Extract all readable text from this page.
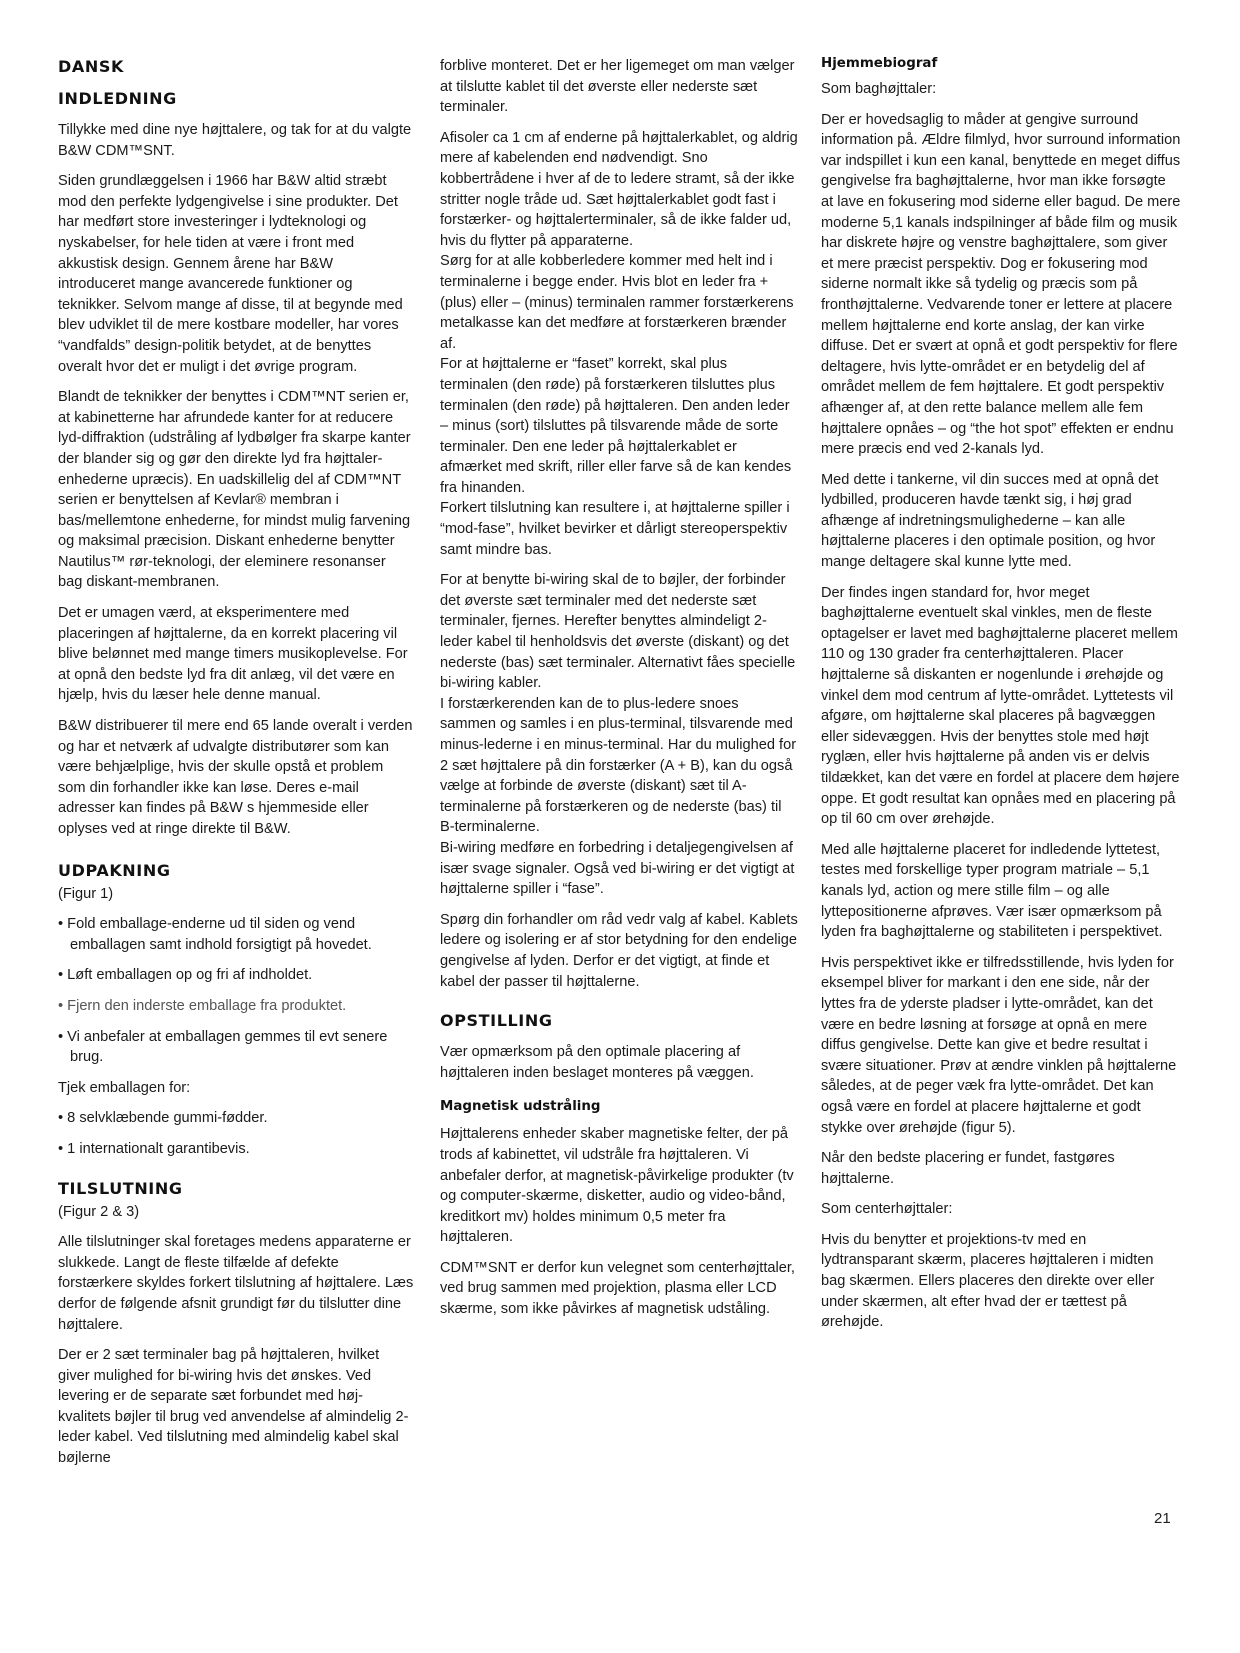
DANSK
INDLEDNING

Tillykke med dine nye højttalere, og tak for at du valgte B&W CDM™SNT.

Siden grundlæggelsen i 1966 har B&W altid stræbt mod den perfekte lydgengivelse i sine produkter. Det har medført store investeringer i lydteknologi og nyskabelser, for hele tiden at være i front med akkustisk design. Gennem årene har B&W introduceret mange avancerede funktioner og teknikker. Selvom mange af disse, til at begynde med blev udviklet til de mere kostbare modeller, har vores “vandfalds” design-politik betydet, at de benyttes overalt hvor det er muligt i det øvrige program.

Blandt de teknikker der benyttes i CDM™NT serien er, at kabinetterne har afrundede kanter for at reducere lyd-diffraktion (udstråling af lydbølger fra skarpe kanter der blander sig og gør den direkte lyd fra højttaler-enhederne upræcis). En uadskillelig del af CDM™NT serien er benyttelsen af Kevlar® membran i bas/mellemtone enhederne, for mindst mulig farvening og maksimal præcision. Diskant enhederne benytter Nautilus™ rør-teknologi, der eleminere resonanser bag diskant-membranen.

Det er umagen værd, at eksperimentere med placeringen af højttalerne, da en korrekt placering vil blive belønnet med mange timers musikoplevelse. For at opnå den bedste lyd fra dit anlæg, vil det være en hjælp, hvis du læser hele denne manual.

B&W distribuerer til mere end 65 lande overalt i verden og har et netværk af udvalgte distributører som kan være behjælplige, hvis der skulle opstå et problem som din forhandler ikke kan løse. Deres e-mail adresser kan findes på B&W s hjemmeside eller oplyses ved at ringe direkte til B&W.

UDPAKNING

(Figur 1)

• Fold emballage-enderne ud til siden og vend emballagen samt indhold forsigtigt på hovedet.

• Løft emballagen op og fri af indholdet.

• Fjern den inderste emballage fra produktet.

• Vi anbefaler at emballagen gemmes til evt senere brug.

Tjek emballagen for:

• 8 selvklæbende gummi-fødder.

• 1 internationalt garantibevis.

TILSLUTNING

(Figur 2 & 3)

Alle tilslutninger skal foretages medens apparaterne er slukkede. Langt de fleste tilfælde af defekte forstærkere skyldes forkert tilslutning af højttalere. Læs derfor de følgende afsnit grundigt før du tilslutter dine højttalere.

Der er 2 sæt terminaler bag på højttaleren, hvilket giver mulighed for bi-wiring hvis det ønskes. Ved levering er de separate sæt forbundet med høj-kvalitets bøjler til brug ved anvendelse af almindelig 2-leder kabel. Ved tilslutning med almindelig kabel skal bøjlerne

forblive monteret. Det er her ligemeget om man vælger at tilslutte kablet til det øverste eller nederste sæt terminaler.

Afisoler ca 1 cm af enderne på højttalerkablet, og aldrig mere af kabelenden end nødvendigt. Sno kobbertrådene i hver af de to ledere stramt, så der ikke stritter nogle tråde ud. Sæt højttalerkablet godt fast i forstærker- og højttalerterminaler, så de ikke falder ud, hvis du flytter på apparaterne.
Sørg for at alle kobberledere kommer med helt ind i terminalerne i begge ender. Hvis blot en leder fra + (plus) eller – (minus) terminalen rammer forstærkerens metalkasse kan det medføre at forstærkeren brænder af.
For at højttalerne er “faset” korrekt, skal plus terminalen (den røde) på forstærkeren tilsluttes plus terminalen (den røde) på højttaleren. Den anden leder – minus (sort) tilsluttes på tilsvarende måde de sorte terminaler. Den ene leder på højttalerkablet er afmærket med skrift, riller eller farve så de kan kendes fra hinanden.
Forkert tilslutning kan resultere i, at højttalerne spiller i “mod-fase”, hvilket bevirker et dårligt stereoperspektiv samt mindre bas.
For at benytte bi-wiring skal de to bøjler, der forbinder det øverste sæt terminaler med det nederste sæt terminaler, fjernes. Herefter benyttes almindeligt 2-leder kabel til henholdsvis det øverste (diskant) og det nederste (bas) sæt terminaler. Alternativt fåes specielle bi-wiring kabler.
I forstærkerenden kan de to plus-ledere snoes sammen og samles i en plus-terminal, tilsvarende med minus-lederne i en minus-terminal. Har du mulighed for 2 sæt højttalere på din forstærker (A + B), kan du også vælge at forbinde de øverste (diskant) sæt til A-terminalerne på forstærkeren og de nederste (bas) til B-terminalerne.
Bi-wiring medføre en forbedring i detaljegengivelsen af især svage signaler. Også ved bi-wiring er det vigtigt at højttalerne spiller i “fase”.

Spørg din forhandler om råd vedr valg af kabel. Kablets ledere og isolering er af stor betydning for den endelige gengivelse af lyden. Derfor er det vigtigt, at finde et kabel der passer til højttalerne.

OPSTILLING

Vær opmærksom på den optimale placering af højttaleren inden beslaget monteres på væggen.

Magnetisk udstråling

Højttalerens enheder skaber magnetiske felter, der på trods af kabinettet, vil udstråle fra højttaleren. Vi anbefaler derfor, at magnetisk-påvirkelige produkter (tv og computer-skærme, disketter, audio og video-bånd, kreditkort mv) holdes minimum 0,5 meter fra højttaleren.

CDM™SNT er derfor kun velegnet som centerhøjttaler, ved brug sammen med projektion, plasma eller LCD skærme, som ikke påvirkes af magnetisk udståling.

Hjemmebiograf

Som baghøjttaler:

Der er hovedsaglig to måder at gengive surround information på. Ældre filmlyd, hvor surround information var indspillet i kun een kanal, benyttede en meget diffus gengivelse fra baghøjttalerne, hvor man ikke forsøgte at lave en fokusering mod siderne eller bagud. De mere moderne 5,1 kanals indspilninger af både film og musik har diskrete højre og venstre baghøjttalere, som giver et mere præcist perspektiv. Dog er fokusering mod siderne normalt ikke så tydelig og præcis som på fronthøjttalerne. Vedvarende toner er lettere at placere mellem højttalerne end korte anslag, der kan virke diffuse. Det er svært at opnå et godt perspektiv for flere deltagere, hvis lytte-området er en betydelig del af området mellem de fem højttalere. Et godt perspektiv afhænger af, at den rette balance mellem alle fem højttalere opnåes – og “the hot spot” effekten er endnu mere præcis end ved 2-kanals lyd.

Med dette i tankerne, vil din succes med at opnå det lydbilled, produceren havde tænkt sig, i høj grad afhænge af indretningsmulighederne – kan alle højttalerne placeres i den optimale position, og hvor mange deltagere skal kunne lytte med.

Der findes ingen standard for, hvor meget baghøjttalerne eventuelt skal vinkles, men de fleste optagelser er lavet med baghøjttalerne placeret mellem 110 og 130 grader fra centerhøjttaleren. Placer højttalerne så diskanten er nogenlunde i ørehøjde og vinkel dem mod centrum af lytte-området. Lyttetests vil afgøre, om højttalerne skal placeres på bagvæggen eller sidevæggen. Hvis der benyttes stole med højt ryglæn, eller hvis højttalerne på anden vis er delvis tildækket, kan det være en fordel at placere dem højere oppe. Et godt resultat kan opnåes med en placering på op til 60 cm over ørehøjde.

Med alle højttalerne placeret for indledende lyttetest, testes med forskellige typer program matriale – 5,1 kanals lyd, action og mere stille film – og alle lyttepositionerne afprøves. Vær især opmærksom på lyden fra baghøjttalerne og stabiliteten i perspektivet.

Hvis perspektivet ikke er tilfredsstillende, hvis lyden for eksempel bliver for markant i den ene side, når der lyttes fra de yderste pladser i lytte-området, kan det være en bedre løsning at forsøge at opnå en mere diffus gengivelse. Dette kan give et bedre resultat i svære situationer. Prøv at ændre vinklen på højttalerne således, at de peger væk fra lytte-området. Det kan også være en fordel at placere højttalerne et godt stykke over ørehøjde (figur 5).

Når den bedste placering er fundet, fastgøres højttalerne.

Som centerhøjttaler:

Hvis du benytter et projektions-tv med en lydtransparant skærm, placeres højttaleren i midten bag skærmen. Ellers placeres den direkte over eller under skærmen, alt efter hvad der er tættest på ørehøjde.

21
